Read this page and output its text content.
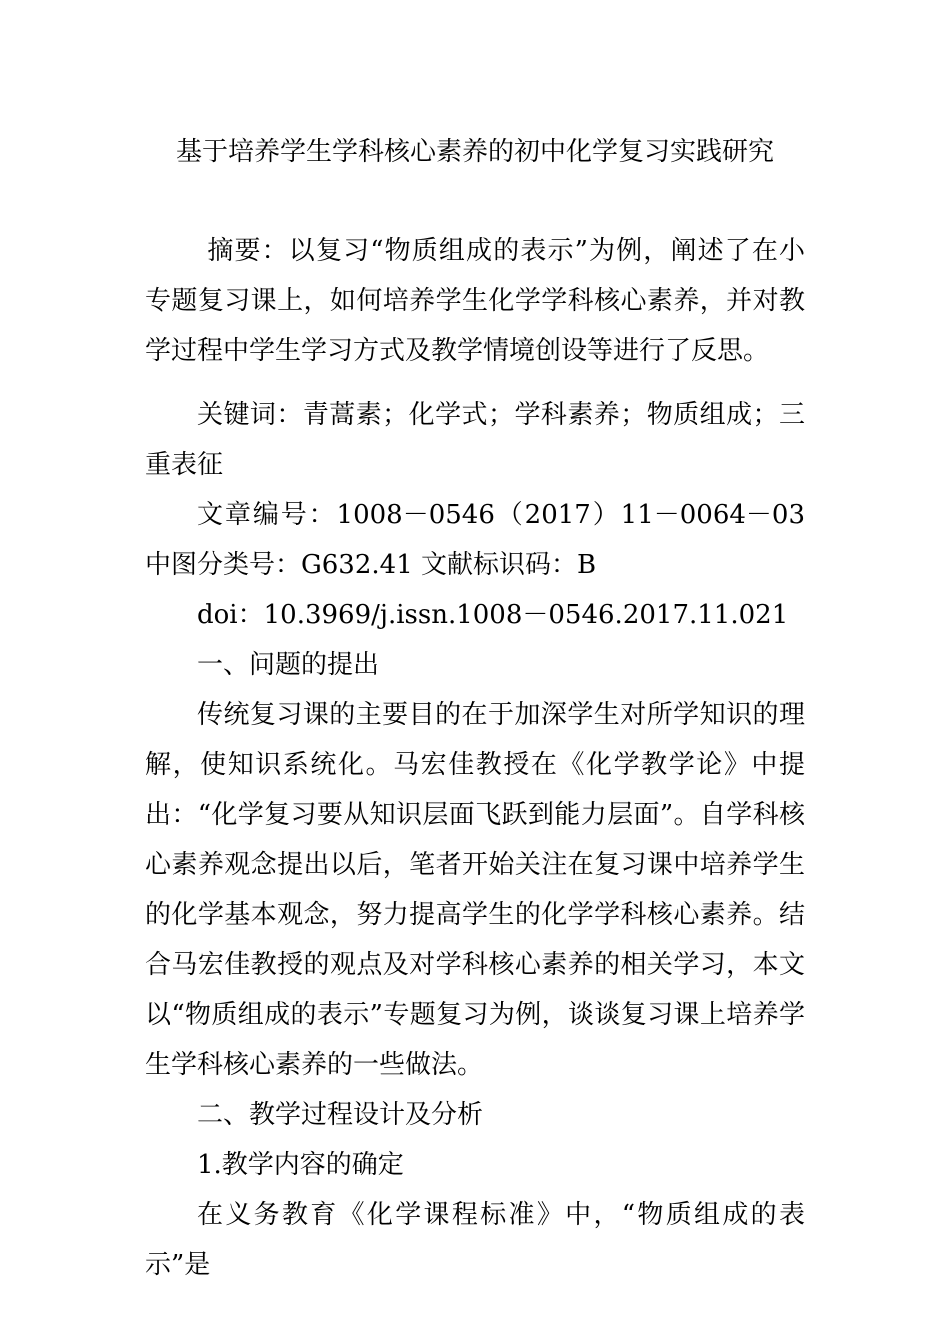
基于培养学生学科核心素养的初中化学复习实践研究

摘要：以复习“物质组成的表示”为例，阐述了在小专题复习课上，如何培养学生化学学科核心素养，并对教学过程中学生学习方式及教学情境创设等进行了反思。

关键词：青蒿素；化学式；学科素养；物质组成；三重表征

文章编号：1008－0546（2017）11－0064－03 中图分类号：G632.41 文献标识码：B

doi：10.3969/j.issn.1008－0546.2017.11.021

一、问题的提出

传统复习课的主要目的在于加深学生对所学知识的理解，使知识系统化。马宏佳教授在《化学教学论》中提出：“化学复习要从知识层面飞跃到能力层面”。自学科核心素养观念提出以后，笔者开始关注在复习课中培养学生的化学基本观念，努力提高学生的化学学科核心素养。结合马宏佳教授的观点及对学科核心素养的相关学习，本文以“物质组成的表示”专题复习为例，谈谈复习课上培养学生学科核心素养的一些做法。

二、教学过程设计及分析

1.教学内容的确定

在义务教育《化学课程标准》中，“物质组成的表示”是
